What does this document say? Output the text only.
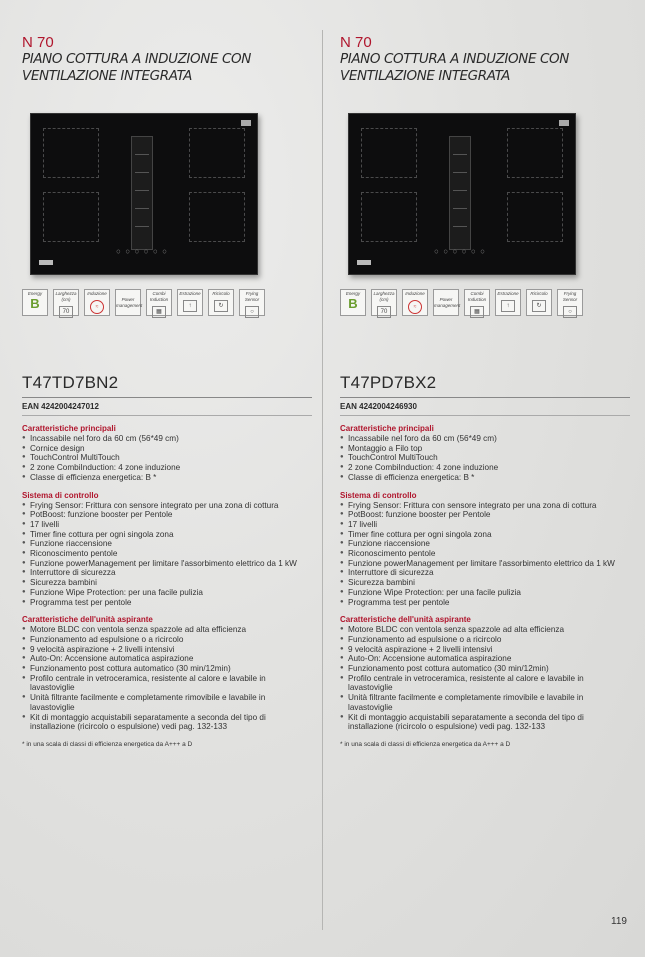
N 70
PIANO COTTURA A INDUZIONE CON VENTILAZIONE INTEGRATA
○ ○ ○ ○ ○ ○
Energy
B
Larghezza (cm)
70
Induzione
≈
Power management
Combi Induction
▦
Estrazione
↑
Ricircolo
↻
Frying Sensor
○
T47TD7BN2
EAN 4242004247012
Caratteristiche principali
● Incassabile nel foro da 60 cm (56*49 cm)
● Cornice design
● TouchControl MultiTouch
● 2 zone CombiInduction: 4 zone induzione
● Classe di efficienza energetica: B *
Sistema di controllo
● Frying Sensor: Frittura con sensore integrato per una zona di cottura
● PotBoost: funzione booster per Pentole
● 17 livelli
● Timer fine cottura per ogni singola zona
● Funzione riaccensione
● Riconoscimento pentole
● Funzione powerManagement per limitare l'assorbimento elettrico da 1 kW
● Interruttore di sicurezza
● Sicurezza bambini
● Funzione Wipe Protection: per una facile pulizia
● Programma test per pentole
Caratteristiche dell'unità aspirante
● Motore BLDC con ventola senza spazzole ad alta efficienza
● Funzionamento ad espulsione o a ricircolo
● 9 velocità aspirazione + 2 livelli intensivi
● Auto-On: Accensione automatica aspirazione
● Funzionamento post cottura automatico (30 min/12min)
● Profilo centrale in vetroceramica, resistente al calore e lavabile in lavastoviglie
● Unità filtrante facilmente e completamente rimovibile e lavabile in lavastoviglie
● Kit di montaggio acquistabili separatamente a seconda del tipo di installazione (ricircolo o espulsione) vedi pag. 132-133
* in una scala di classi di efficienza energetica da A+++ a D
N 70
PIANO COTTURA A INDUZIONE CON VENTILAZIONE INTEGRATA
○ ○ ○ ○ ○ ○
Energy
B
Larghezza (cm)
70
Induzione
≈
Power management
Combi Induction
▦
Estrazione
↑
Ricircolo
↻
Frying Sensor
○
T47PD7BX2
EAN 4242004246930
Caratteristiche principali
● Incassabile nel foro da 60 cm (56*49 cm)
● Montaggio a Filo top
● TouchControl MultiTouch
● 2 zone CombiInduction: 4 zone induzione
● Classe di efficienza energetica: B *
Sistema di controllo
● Frying Sensor: Frittura con sensore integrato per una zona di cottura
● PotBoost: funzione booster per Pentole
● 17 livelli
● Timer fine cottura per ogni singola zona
● Funzione riaccensione
● Riconoscimento pentole
● Funzione powerManagement per limitare l'assorbimento elettrico da 1 kW
● Interruttore di sicurezza
● Sicurezza bambini
● Funzione Wipe Protection: per una facile pulizia
● Programma test per pentole
Caratteristiche dell'unità aspirante
● Motore BLDC con ventola senza spazzole ad alta efficienza
● Funzionamento ad espulsione o a ricircolo
● 9 velocità aspirazione + 2 livelli intensivi
● Auto-On: Accensione automatica aspirazione
● Funzionamento post cottura automatico (30 min/12min)
● Profilo centrale in vetroceramica, resistente al calore e lavabile in lavastoviglie
● Unità filtrante facilmente e completamente rimovibile e lavabile in lavastoviglie
● Kit di montaggio acquistabili separatamente a seconda del tipo di installazione (ricircolo o espulsione) vedi pag. 132-133
* in una scala di classi di efficienza energetica da A+++ a D
119
